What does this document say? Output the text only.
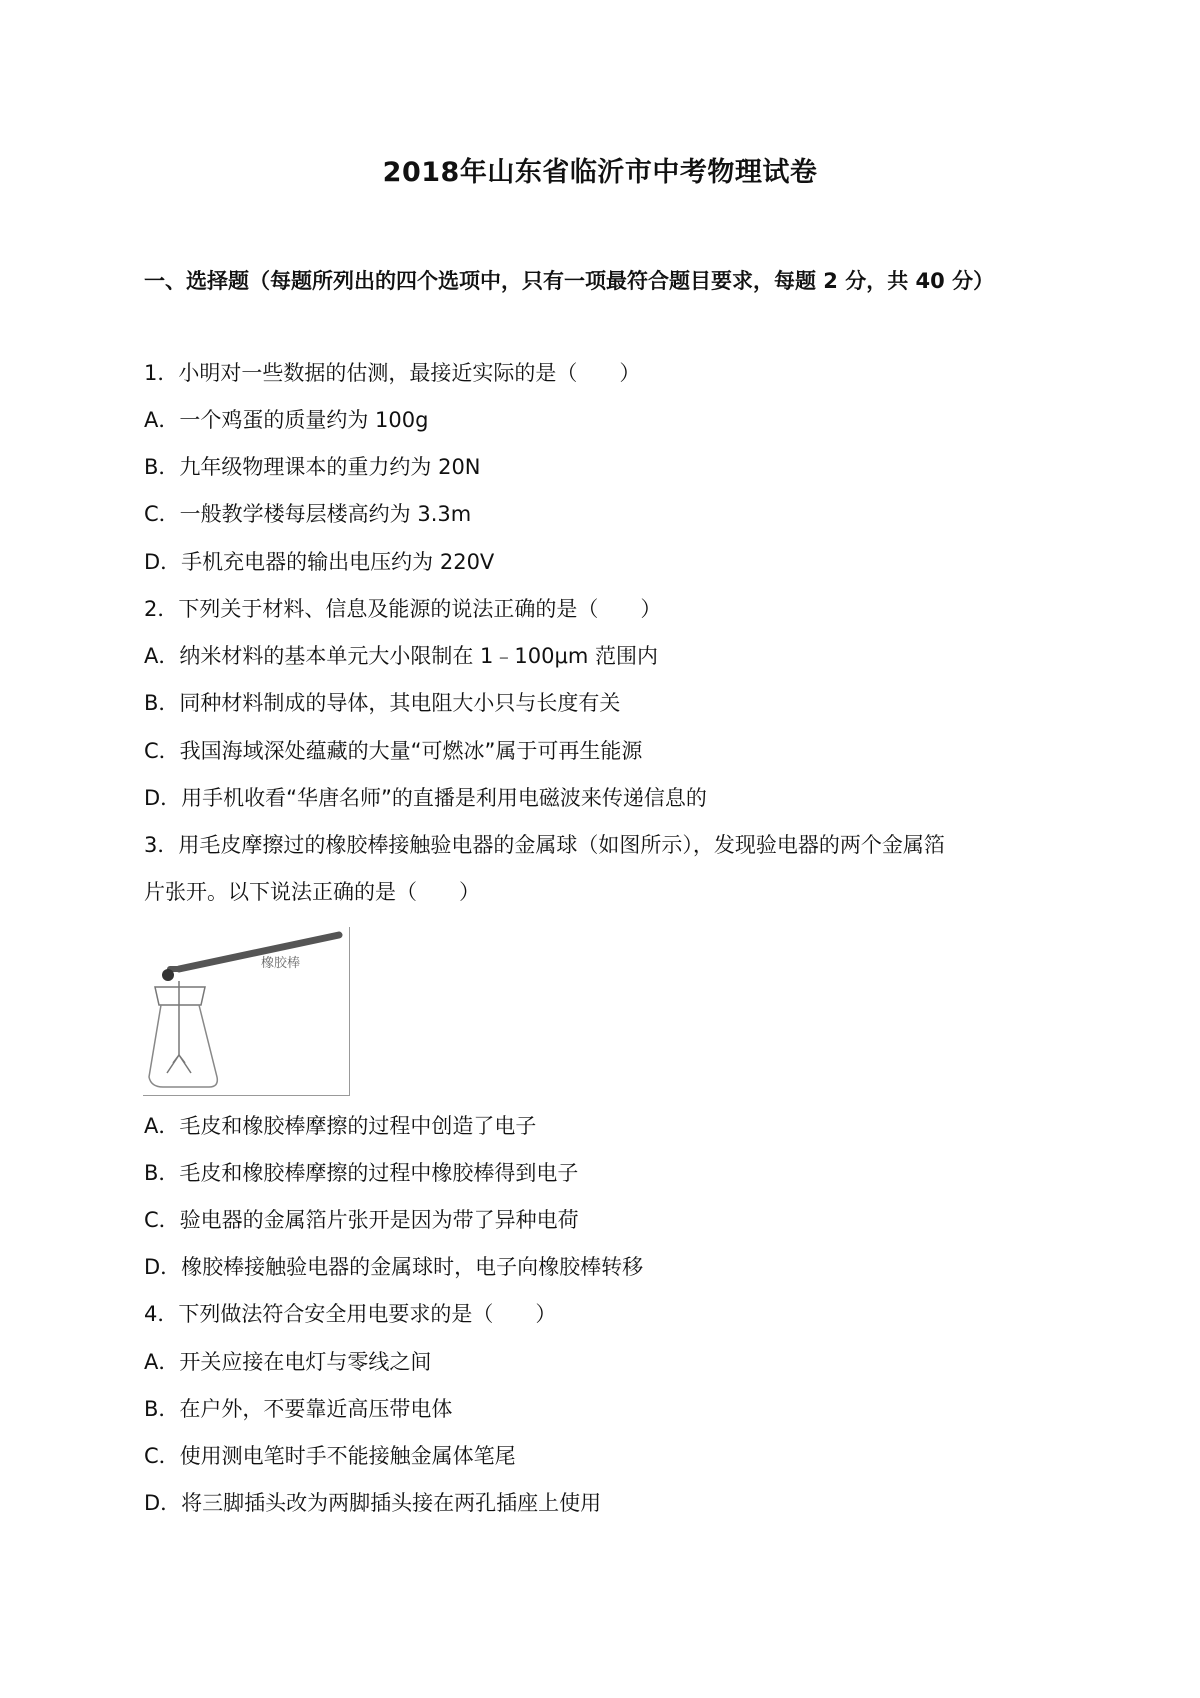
2018年山东省临沂市中考物理试卷
一、选择题（每题所列出的四个选项中，只有一项最符合题目要求，每题 2 分，共 40 分）
1．小明对一些数据的估测，最接近实际的是（　　）
A．一个鸡蛋的质量约为 100g
B．九年级物理课本的重力约为 20N
C．一般教学楼每层楼高约为 3.3m
D．手机充电器的输出电压约为 220V
2．下列关于材料、信息及能源的说法正确的是（　　）
A．纳米材料的基本单元大小限制在 1﹣100μm 范围内
B．同种材料制成的导体，其电阻大小只与长度有关
C．我国海域深处蕴藏的大量“可燃冰”属于可再生能源
D．用手机收看“华唐名师”的直播是利用电磁波来传递信息的
3．用毛皮摩擦过的橡胶棒接触验电器的金属球（如图所示），发现验电器的两个金属箔
片张开。以下说法正确的是（　　）
橡胶棒
A．毛皮和橡胶棒摩擦的过程中创造了电子
B．毛皮和橡胶棒摩擦的过程中橡胶棒得到电子
C．验电器的金属箔片张开是因为带了异种电荷
D．橡胶棒接触验电器的金属球时，电子向橡胶棒转移
4．下列做法符合安全用电要求的是（　　）
A．开关应接在电灯与零线之间
B．在户外，不要靠近高压带电体
C．使用测电笔时手不能接触金属体笔尾
D．将三脚插头改为两脚插头接在两孔插座上使用
